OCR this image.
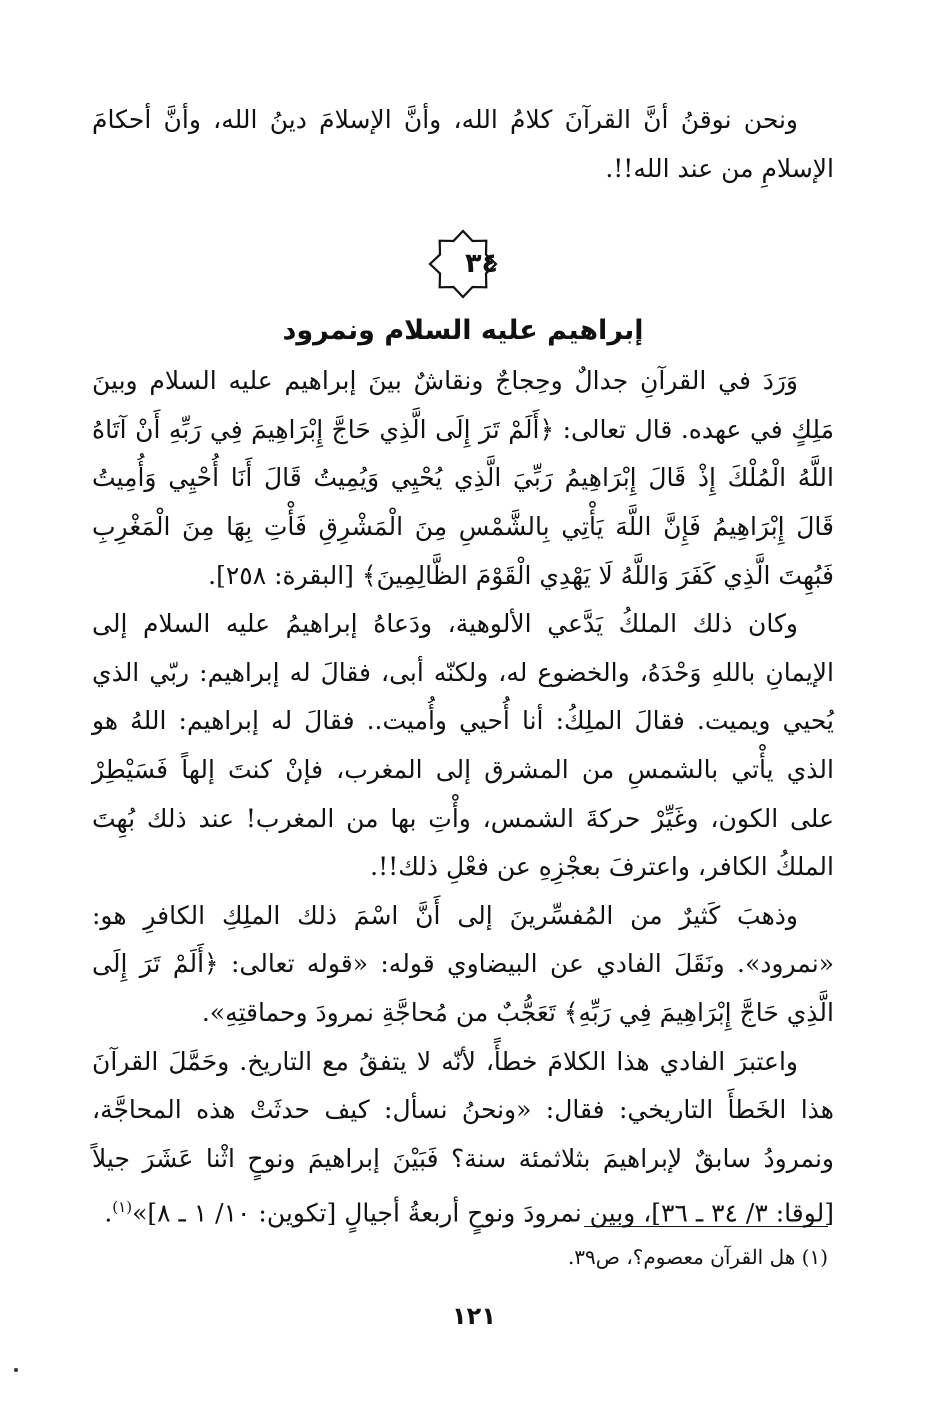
ونحن نوقنُ أنَّ القرآنَ كلامُ الله، وأنَّ الإسلامَ دينُ الله، وأنَّ أحكامَ الإسلامِ من عند الله!!.

٣٤
إبراهيم عليه السلام ونمرود

وَرَدَ في القرآنِ جدالٌ وحِجاجٌ ونقاشٌ بينَ إبراهيم عليه السلام وبينَ مَلِكٍ في عهده. قال تعالى: ﴿أَلَمْ تَرَ إِلَى الَّذِي حَاجَّ إِبْرَاهِيمَ فِي رَبِّهِ أَنْ آتَاهُ اللَّهُ الْمُلْكَ إِذْ قَالَ إِبْرَاهِيمُ رَبِّيَ الَّذِي يُحْيِي وَيُمِيتُ قَالَ أَنَا أُحْيِي وَأُمِيتُ قَالَ إِبْرَاهِيمُ فَإِنَّ اللَّهَ يَأْتِي بِالشَّمْسِ مِنَ الْمَشْرِقِ فَأْتِ بِهَا مِنَ الْمَغْرِبِ فَبُهِتَ الَّذِي كَفَرَ وَاللَّهُ لَا يَهْدِي الْقَوْمَ الظَّالِمِينَ﴾ [البقرة: ٢٥٨].

وكان ذلك الملكُ يَدَّعي الألوهية، ودَعاهُ إبراهيمُ عليه السلام إلى الإيمانِ باللهِ وَحْدَهُ، والخضوع له، ولكنّه أبى، فقالَ له إبراهيم: ربّي الذي يُحيي ويميت. فقالَ الملِكُ: أنا أُحيي وأُميت.. فقالَ له إبراهيم: اللهُ هو الذي يأْتي بالشمسِ من المشرق إلى المغرب، فإنْ كنتَ إلهاً فَسَيْطِرْ على الكون، وغَيِّرْ حركةَ الشمس، وأْتِ بها من المغرب! عند ذلك بُهِتَ الملكُ الكافر، واعترفَ بعجْزِهِ عن فعْلِ ذلك!!.

وذهبَ كَثيرٌ من المُفسِّرينَ إلى أَنَّ اسْمَ ذلك الملِكِ الكافرِ هو: «نمرود». ونَقَلَ الفادي عن البيضاوي قوله: «قوله تعالى: ﴿أَلَمْ تَرَ إِلَى الَّذِي حَاجَّ إِبْرَاهِيمَ فِي رَبِّهِ﴾ تَعَجُّبٌ من مُحاجَّةِ نمرودَ وحماقتِهِ».

واعتبرَ الفادي هذا الكلامَ خطأً، لأنّه لا يتفقُ مع التاريخ. وحَمَّلَ القرآنَ هذا الخَطأَ التاريخي: فقال: «ونحنُ نسأل: كيف حدثَتْ هذه المحاجَّة، ونمرودُ سابقٌ لإبراهيمَ بثلاثمئة سنة؟ فَبَيْنَ إبراهيمَ ونوحٍ اثْنا عَشَرَ جيلاً [لوقا: ٣/ ٣٤ ـ ٣٦]، وبين نمرودَ ونوحٍ أربعةُ أجيالٍ [تكوين: ١٠/ ١ ـ ٨]»$^{(١)}$.

(١) هل القرآن معصوم؟، ص٣٩.
١٢١
